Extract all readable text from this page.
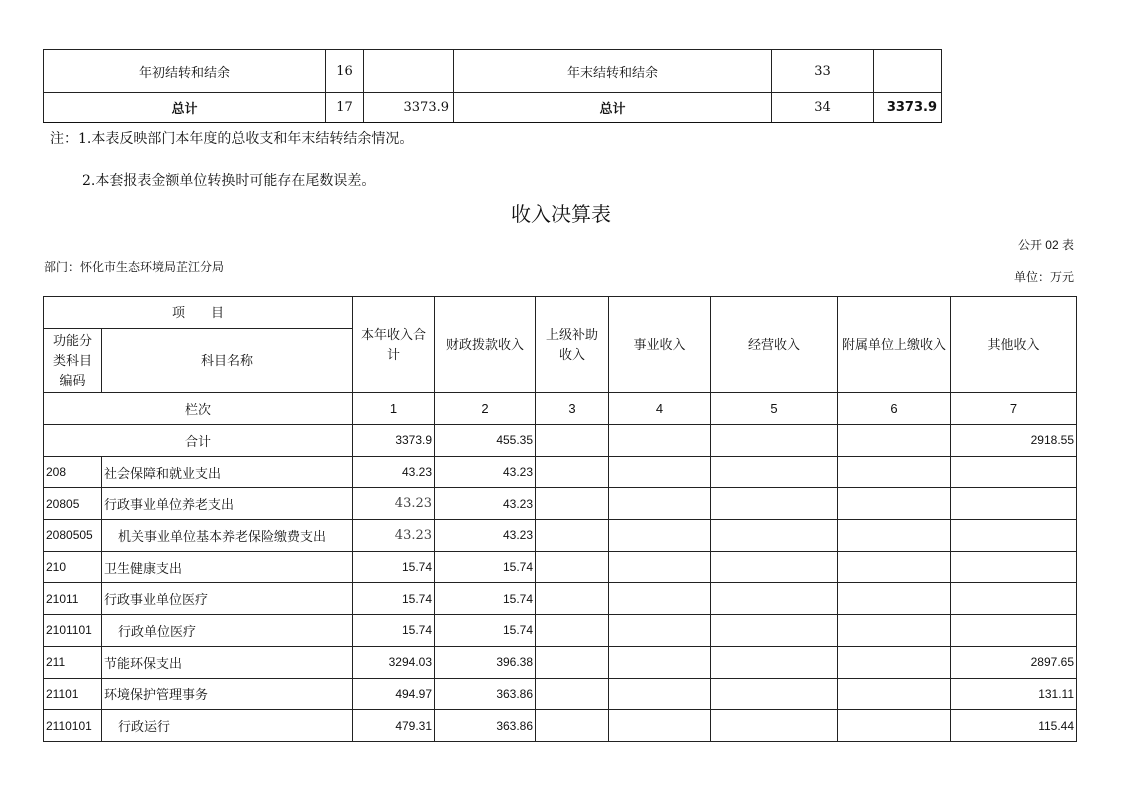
年初结转和结余	16		年末结转和结余	33	
总计	17	3373.9	总计	34	3373.9
注：1.本表反映部门本年度的总收支和年末结转结余情况。
2.本套报表金额单位转换时可能存在尾数误差。
收入决算表
公开 02 表
部门：怀化市生态环境局芷江分局
单位：万元
项　　目		本年收入合计	财政拨款收入	上级补助收入	事业收入	经营收入	附属单位上缴收入	其他收入
功能分类科目编码	科目名称							
栏次		1	2	3	4	5	6	7
合计		3373.9	455.35					2918.55
208	社会保障和就业支出	43.23	43.23					
20805	行政事业单位养老支出	43.23	43.23					
2080505	机关事业单位基本养老保险缴费支出	43.23	43.23					
210	卫生健康支出	15.74	15.74					
21011	行政事业单位医疗	15.74	15.74					
2101101	行政单位医疗	15.74	15.74					
211	节能环保支出	3294.03	396.38					2897.65
21101	环境保护管理事务	494.97	363.86					131.11
2110101	行政运行	479.31	363.86					115.44
